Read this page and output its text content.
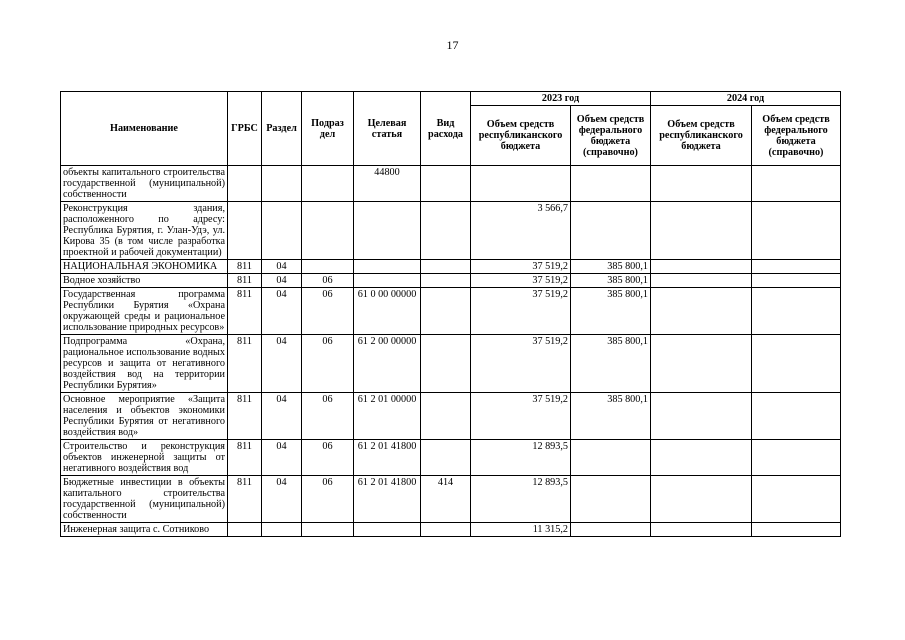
17
Наименование	ГРБС	Раздел	Подраз дел	Целевая статья	Вид расхода	2023 год		2024 год	
						Объем средств республиканского бюджета	Объем средств федерального бюджета (справочно)	Объем средств республиканского бюджета	Объем средств федерального бюджета (справочно)
объекты капитального строительства государственной (муниципальной) собственности				44800					
Реконструкция здания, расположенного по адресу: Республика Бурятия, г. Улан-Удэ, ул. Кирова 35 (в том числе разработка проектной и рабочей документации)						3 566,7			
НАЦИОНАЛЬНАЯ ЭКОНОМИКА	811	04				37 519,2	385 800,1		
Водное хозяйство	811	04	06			37 519,2	385 800,1		
Государственная программа Республики Бурятия «Охрана окружающей среды и рациональное использование природных ресурсов»	811	04	06	61 0 00 00000		37 519,2	385 800,1		
Подпрограмма «Охрана, рациональное использование водных ресурсов и защита от негативного воздействия вод на территории Республики Бурятия»	811	04	06	61 2 00 00000		37 519,2	385 800,1		
Основное мероприятие «Защита населения и объектов экономики Республики Бурятия от негативного воздействия вод»	811	04	06	61 2 01 00000		37 519,2	385 800,1		
Строительство и реконструкция объектов инженерной защиты от негативного воздействия вод	811	04	06	61 2 01 41800		12 893,5			
Бюджетные инвестиции в объекты капитального строительства государственной (муниципальной) собственности	811	04	06	61 2 01 41800	414	12 893,5			
Инженерная защита с. Сотниково						11 315,2			
